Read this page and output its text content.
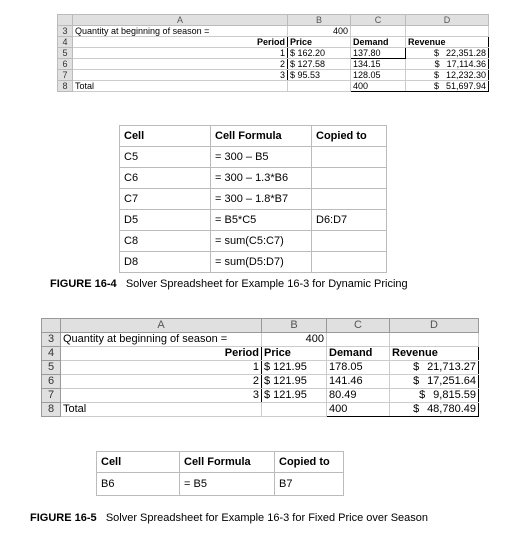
	A	B	C	D
3	Quantity at beginning of season =	400		
4	Period	Price	Demand	Revenue
5	1	$ 162.20	137.80	$ 22,351.28
6	2	$ 127.58	134.15	$ 17,114.36
7	3	$ 95.53	128.05	$ 12,232.30
8	Total		400	$ 51,697.94
Cell	Cell Formula	Copied to
C5	= 300 – B5	
C6	= 300 – 1.3*B6	
C7	= 300 – 1.8*B7	
D5	= B5*C5	D6:D7
C8	= sum(C5:C7)	
D8	= sum(D5:D7)	
FIGURE 16-4 Solver Spreadsheet for Example 16-3 for Dynamic Pricing
	A	B	C	D
3	Quantity at beginning of season =	400		
4	Period	Price	Demand	Revenue
5	1	$ 121.95	178.05	$ 21,713.27
6	2	$ 121.95	141.46	$ 17,251.64
7	3	$ 121.95	80.49	$ 9,815.59
8	Total		400	$ 48,780.49
Cell	Cell Formula	Copied to
B6	= B5	B7
FIGURE 16-5 Solver Spreadsheet for Example 16-3 for Fixed Price over Season
